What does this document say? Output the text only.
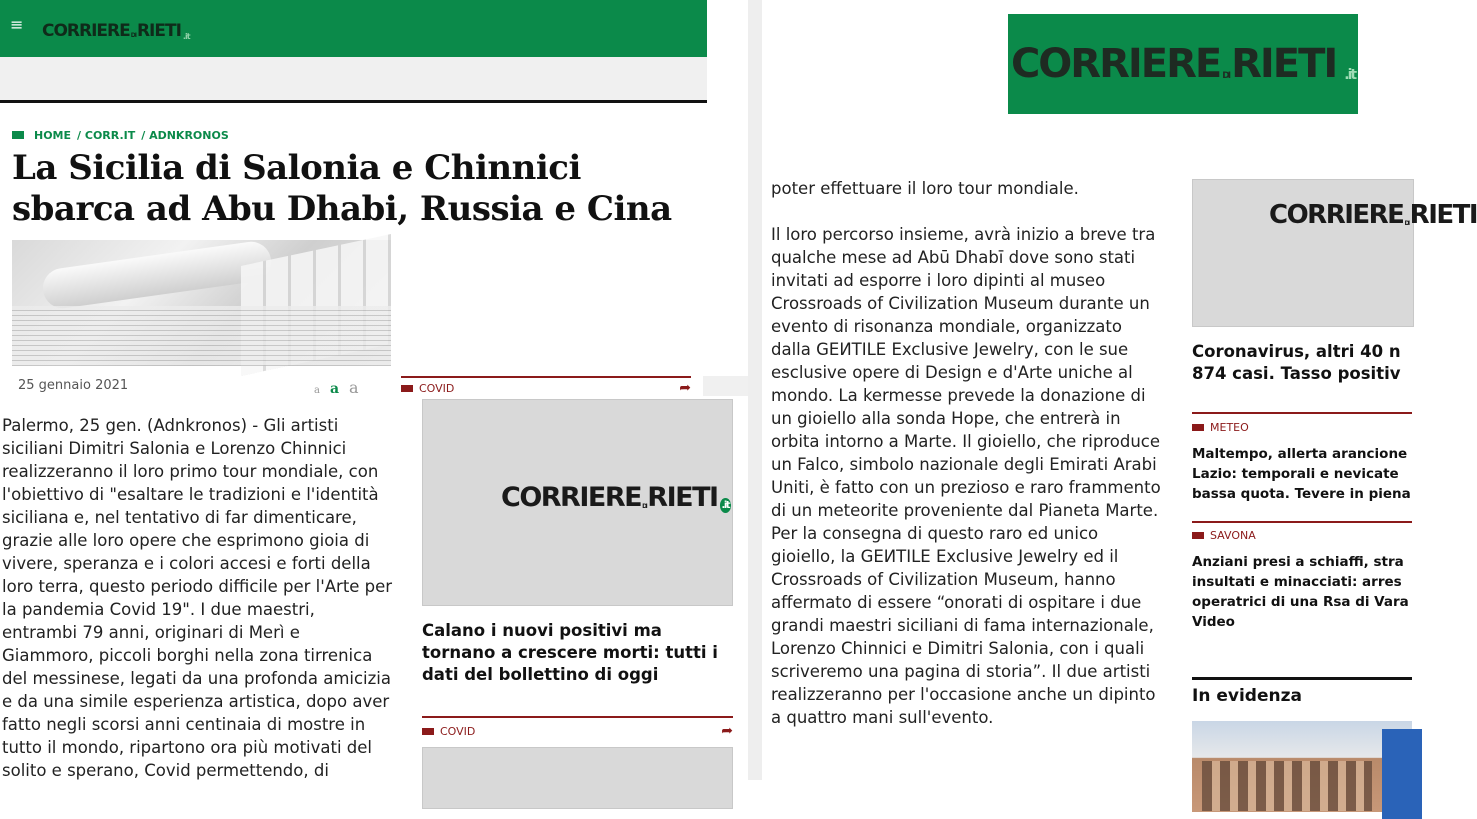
≡ CORRIERE DI RIETI .it
HOME / CORR.IT / ADNKRONOS
La Sicilia di Salonia e Chinnici sbarca ad Abu Dhabi, Russia e Cina
25 gennaio 2021	a a a

Palermo, 25 gen. (Adnkronos) - Gli artisti siciliani Dimitri Salonia e Lorenzo Chinnici realizzeranno il loro primo tour mondiale, con l'obiettivo di "esaltare le tradizioni e l'identità siciliana e, nel tentativo di far dimenticare, grazie alle loro opere che esprimono gioia di vivere, speranza e i colori accesi e forti della loro terra, questo periodo difficile per l'Arte per la pandemia Covid 19". I due maestri, entrambi 79 anni, originari di Merì e Giammoro, piccoli borghi nella zona tirrenica del messinese, legati da una profonda amicizia e da una simile esperienza artistica, dopo aver fatto negli scorsi anni centinaia di mostre in tutto il mondo, ripartono ora più motivati del solito e sperano, Covid permettendo, di

COVID	➦
CORRIERE DI RIETI .it

Calano i nuovi positivi ma tornano a crescere morti: tutti i dati del bollettino di oggi

COVID	➦
CORRIERE DI RIETI .it

poter effettuare il loro tour mondiale.

Il loro percorso insieme, avrà inizio a breve tra qualche mese ad Abū Dhabī dove sono stati invitati ad esporre i loro dipinti al museo Crossroads of Civilization Museum durante un evento di risonanza mondiale, organizzato dalla GEИTILE Exclusive Jewelry, con le sue esclusive opere di Design e d'Arte uniche al mondo. La kermesse prevede la donazione di un gioiello alla sonda Hope, che entrerà in orbita intorno a Marte. Il gioiello, che riproduce un Falco, simbolo nazionale degli Emirati Arabi Uniti, è fatto con un prezioso e raro frammento di un meteorite proveniente dal Pianeta Marte. Per la consegna di questo raro ed unico gioiello, la GEИTILE Exclusive Jewelry ed il Crossroads of Civilization Museum, hanno affermato di essere “onorati di ospitare i due grandi maestri siciliani di fama internazionale, Lorenzo Chinnici e Dimitri Salonia, con i quali scriveremo una pagina di storia”. Il due artisti realizzeranno per l'occasione anche un dipinto a quattro mani sull'evento.

CORRIERE DI RIETI

Coronavirus, altri 40 n
874 casi. Tasso positiv

METEO

Maltempo, allerta arancione
Lazio: temporali e nevicate
bassa quota. Tevere in piena

SAVONA

Anziani presi a schiaffi, stra
insultati e minacciati: arres
operatrici di una Rsa di Vara
Video

In evidenza
